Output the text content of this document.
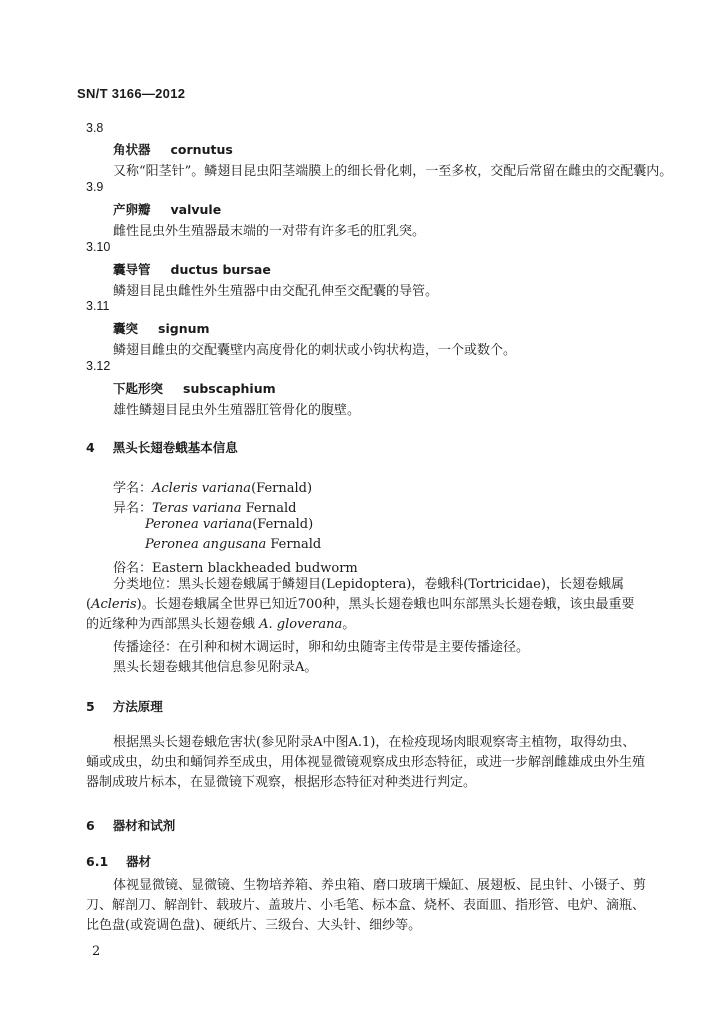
SN/T 3166—2012
3.8
角状器 cornutus
又称“阳茎针”。鳞翅目昆虫阳茎端膜上的细长骨化刺，一至多枚，交配后常留在雌虫的交配囊内。
3.9
产卵瓣 valvule
雌性昆虫外生殖器最末端的一对带有许多毛的肛乳突。
3.10
囊导管 ductus bursae
鳞翅目昆虫雌性外生殖器中由交配孔伸至交配囊的导管。
3.11
囊突 signum
鳞翅目雌虫的交配囊壁内高度骨化的刺状或小钩状构造，一个或数个。
3.12
下匙形突 subscaphium
雄性鳞翅目昆虫外生殖器肛管骨化的腹壁。
4 黑头长翅卷蛾基本信息
学名：Acleris variana(Fernald)
异名：Teras variana Fernald
Peronea variana(Fernald)
Peronea angusana Fernald
俗名：Eastern blackheaded budworm
分类地位：黑头长翅卷蛾属于鳞翅目(Lepidoptera)，卷蛾科(Tortricidae)，长翅卷蛾属(Acleris)。长翅卷蛾属全世界已知近700种，黑头长翅卷蛾也叫东部黑头长翅卷蛾，该虫最重要的近缘种为西部黑头长翅卷蛾 A. gloverana。
传播途径：在引种和树木调运时，卵和幼虫随寄主传带是主要传播途径。
黑头长翅卷蛾其他信息参见附录A。
5 方法原理
根据黑头长翅卷蛾危害状(参见附录A中图A.1)，在检疫现场肉眼观察寄主植物，取得幼虫、蛹或成虫，幼虫和蛹饲养至成虫，用体视显微镜观察成虫形态特征，或进一步解剖雌雄成虫外生殖器制成玻片标本，在显微镜下观察，根据形态特征对种类进行判定。
6 器材和试剂
6.1 器材
体视显微镜、显微镜、生物培养箱、养虫箱、磨口玻璃干燥缸、展翅板、昆虫针、小镊子、剪刀、解剖刀、解剖针、载玻片、盖玻片、小毛笔、标本盒、烧杯、表面皿、指形管、电炉、滴瓶、比色盘(或瓷调色盘)、硬纸片、三级台、大头针、细纱等。
2
